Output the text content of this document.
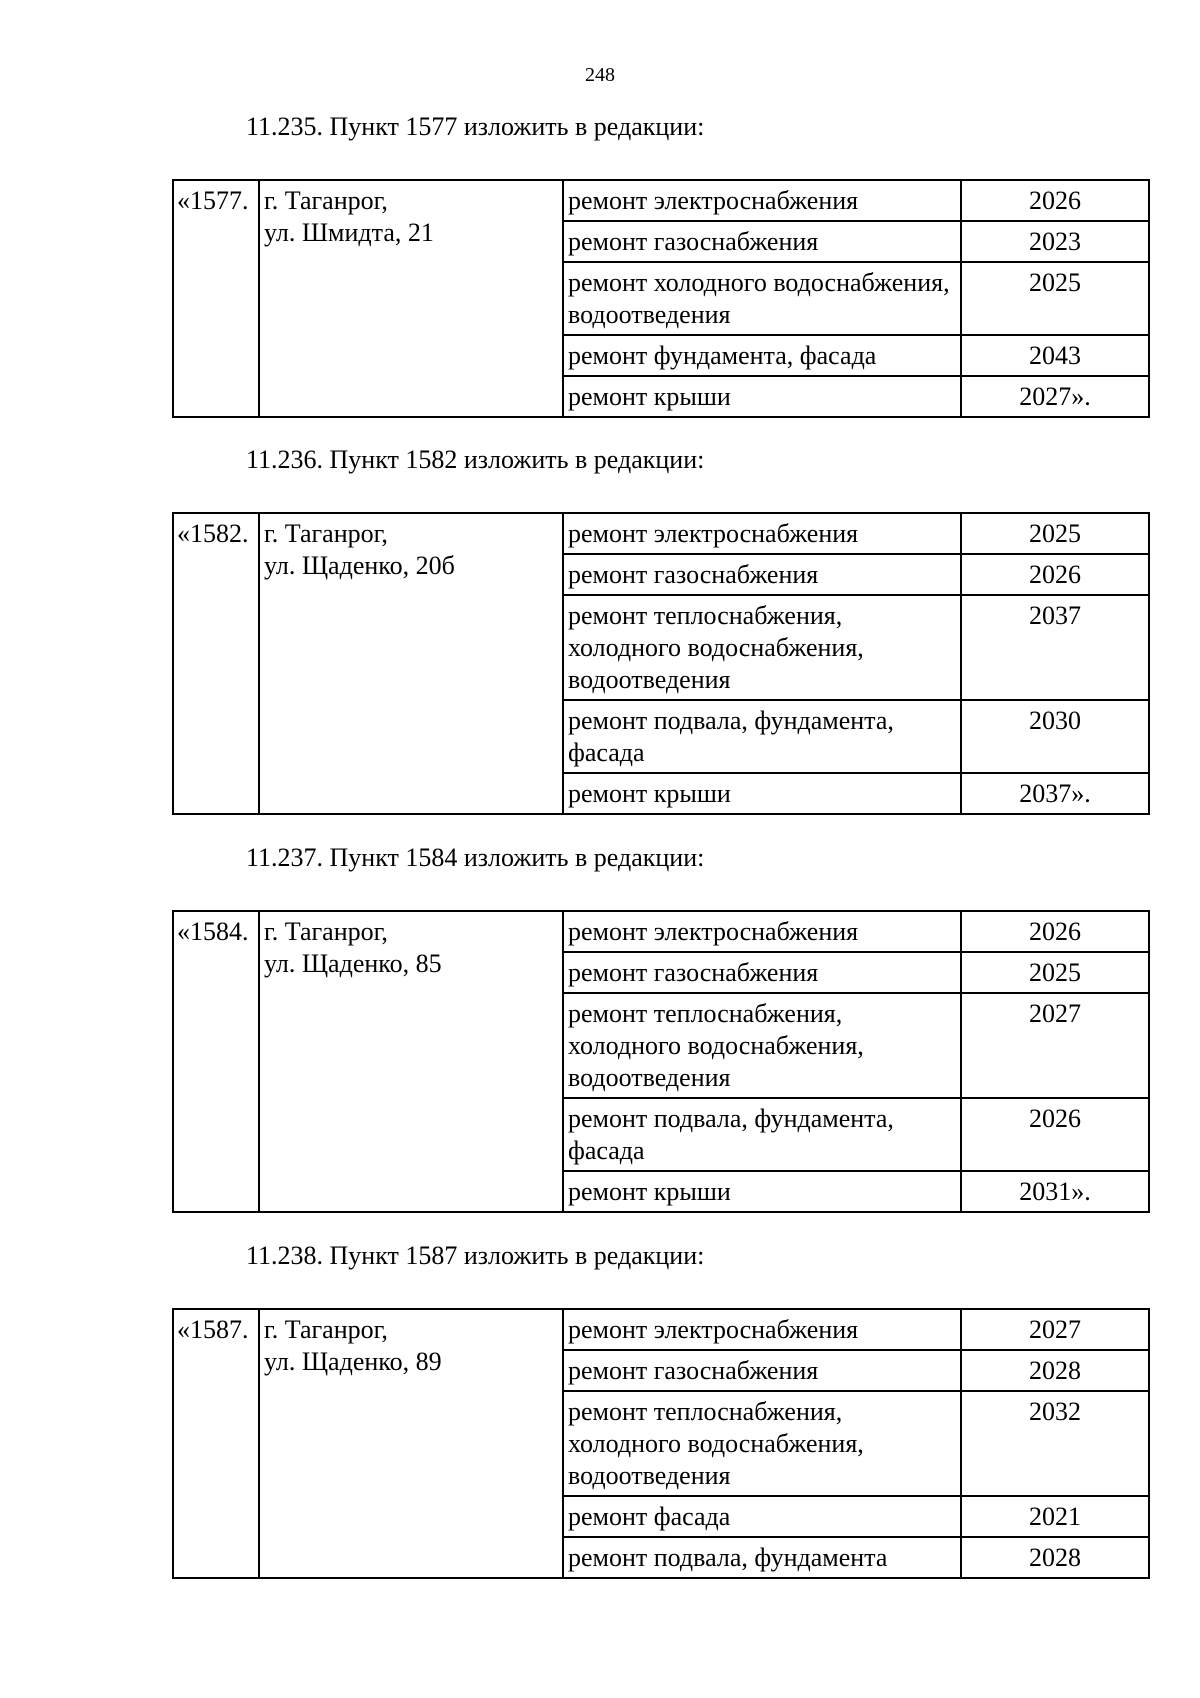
248
11.235. Пункт 1577 изложить в редакции:
«1577.	г. Таганрог,
ул. Шмидта, 21	ремонт электроснабжения	2026
		ремонт газоснабжения	2023
		ремонт холодного водоснабжения, водоотведения	2025
		ремонт фундамента, фасада	2043
		ремонт крыши	2027».
11.236. Пункт 1582 изложить в редакции:
«1582.	г. Таганрог,
ул. Щаденко, 20б	ремонт электроснабжения	2025
		ремонт газоснабжения	2026
		ремонт теплоснабжения, холодного водоснабжения, водоотведения	2037
		ремонт подвала, фундамента, фасада	2030
		ремонт крыши	2037».
11.237. Пункт 1584 изложить в редакции:
«1584.	г. Таганрог,
ул. Щаденко, 85	ремонт электроснабжения	2026
		ремонт газоснабжения	2025
		ремонт теплоснабжения, холодного водоснабжения, водоотведения	2027
		ремонт подвала, фундамента, фасада	2026
		ремонт крыши	2031».
11.238. Пункт 1587 изложить в редакции:
«1587.	г. Таганрог,
ул. Щаденко, 89	ремонт электроснабжения	2027
		ремонт газоснабжения	2028
		ремонт теплоснабжения, холодного водоснабжения, водоотведения	2032
		ремонт фасада	2021
		ремонт подвала, фундамента	2028
